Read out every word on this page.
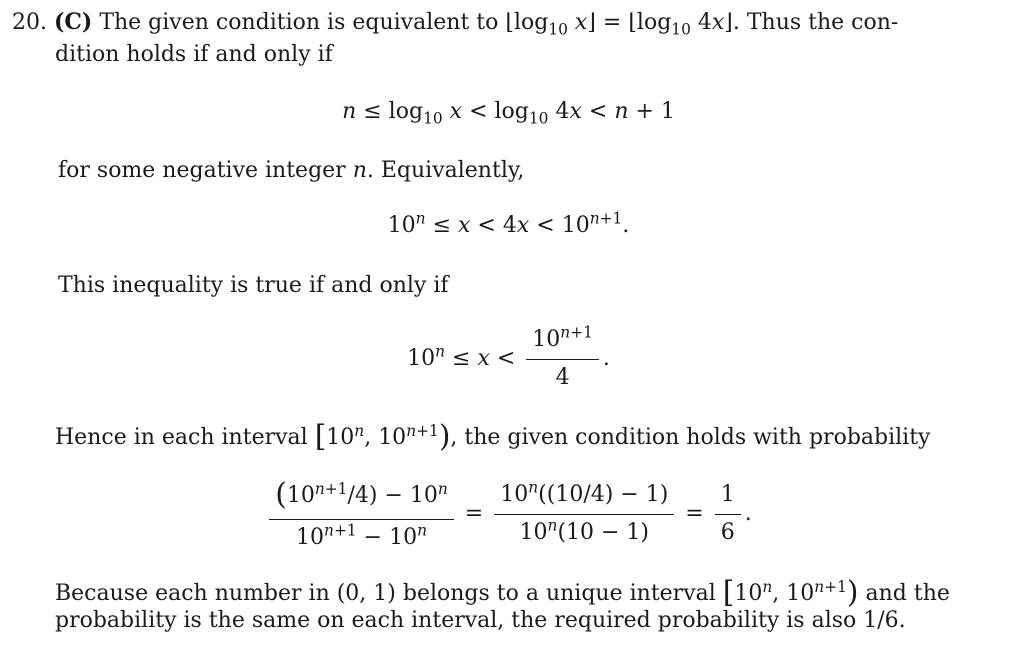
20. (C) The given condition is equivalent to $⌊\log_{10}$ x⌋ = $⌊\log_{10}$ 4x⌋. Thus the con-
dition holds if and only if
$n \le \log_{10} x < \log_{10} 4x < n + 1$
for some negative integer n. Equivalently,
$10^n \le x < 4x < 10^{n+1}$.
This inequality is true if and only if
$10^n \le x < \frac{10^{n+1}}{4}$ .
Hence in each interval [10$^n$, $10^{n+1}$), the given condition holds with probability
$\frac{(10^{n+1}/4) - 10^n}{10^{n+1} - 10^n} = \frac{10^n((10/4) - 1)}{10^n(10 - 1)} = \frac{1}{6}$ .
Because each number in (0, 1) belongs to a unique interval [10$^n$, $10^{n+1}$) and the
probability is the same on each interval, the required probability is also 1/6.
